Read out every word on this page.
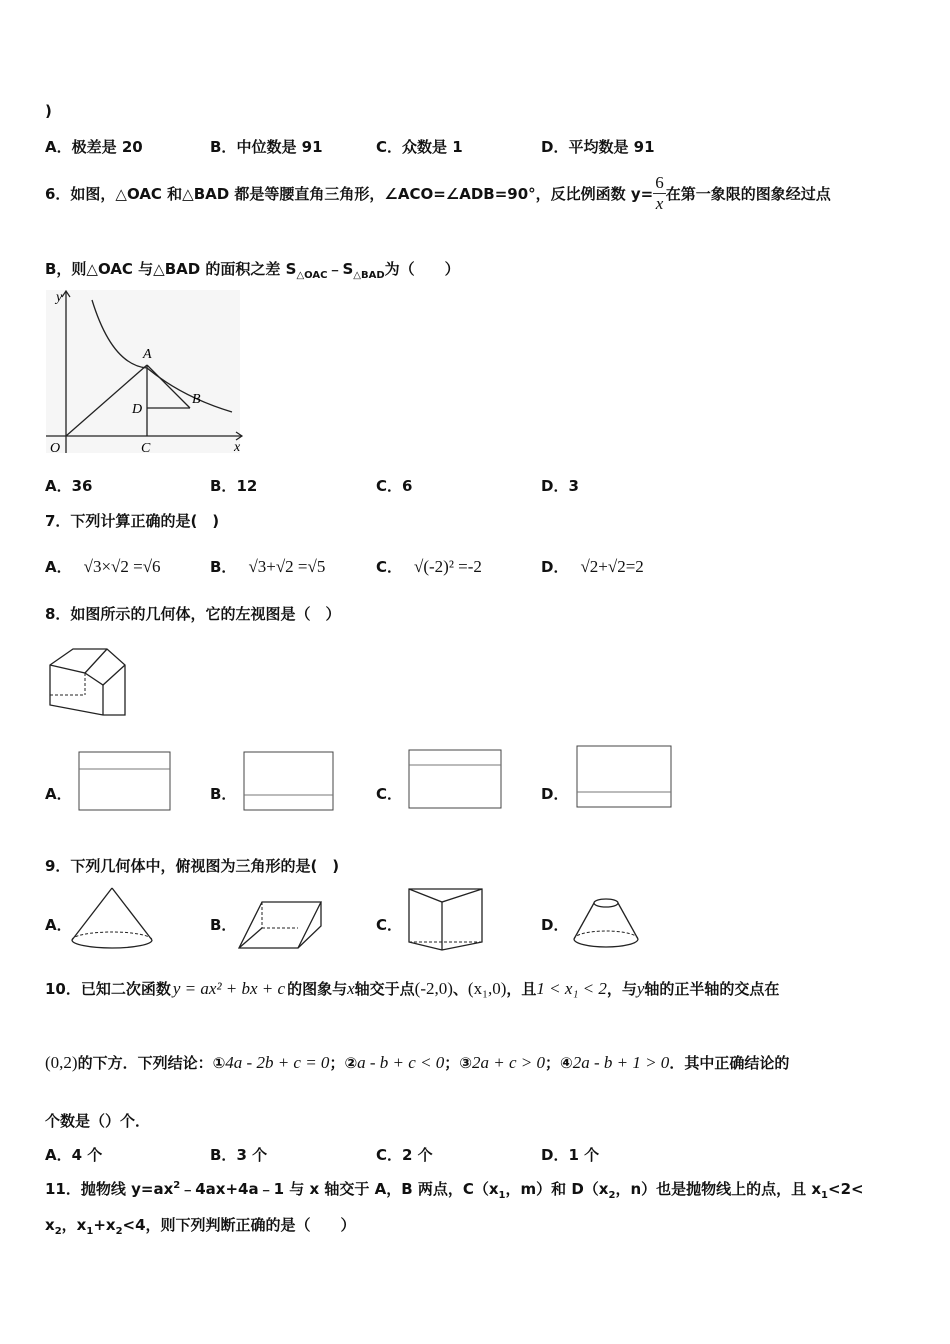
)
A．极差是 20	B．中位数是 91	C．众数是 1	D．平均数是 91
6．如图，△OAC 和△BAD 都是等腰直角三角形，∠ACO=∠ADB=90°，反比例函数 $y= \frac{6}{x}$ 在第一象限的图象经过点
B，则△OAC 与△BAD 的面积之差 $S_{\triangle OAC}﹣S_{\triangle BAD}$为（　　）
y
x
O
A
B
C
D
A．36	B．12	C．6	D．3
7．下列计算正确的是(　)
A． √3×√2 =√6	B． √3+√2 =√5	C． √(-2)² =-2	D． √2+√2=2
8．如图所示的几何体，它的左视图是（　）
A．	B．	C．	D．
9．下列几何体中，俯视图为三角形的是(　)
A．	B．	C．	D．
10．已知二次函数 y = ax² + bx + c 的图象与x轴交于点(-2,0)、(x₁,0)，且1 < x₁ < 2，与y轴的正半轴的交点在
(0,2)的下方．下列结论：①4a - 2b + c = 0；②a - b + c < 0；③2a + c > 0；④2a - b + 1 > 0．其中正确结论的
个数是（）个．
A．4 个	B．3 个	C．2 个	D．1 个
11．抛物线 $y=ax^2﹣4ax+4a﹣1$ 与 x 轴交于 A，B 两点，$C(x_1$，m）和 $D(x_2$，n）也是抛物线上的点，且 $x_1<2<$
$x_2$，$x_1+x_2<4$，则下列判断正确的是（　　）
